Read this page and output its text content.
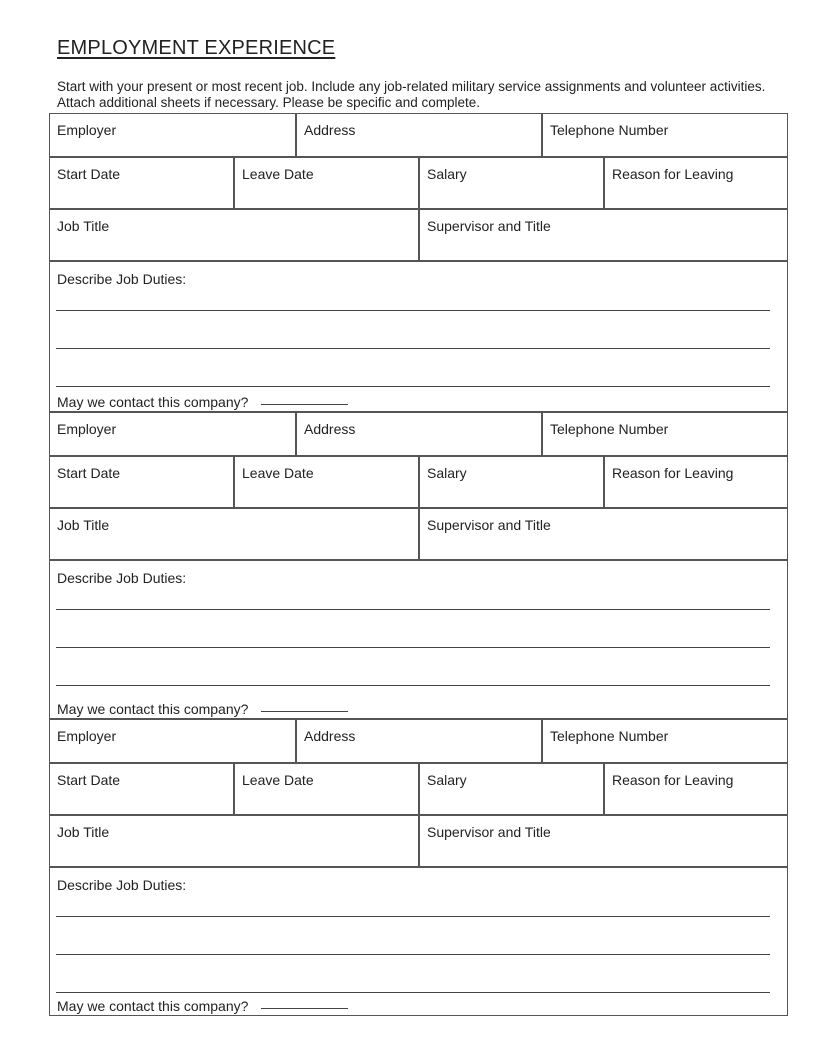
EMPLOYMENT EXPERIENCE
Start with your present or most recent job. Include any job-related military service assignments and volunteer activities. Attach additional sheets if necessary. Please be specific and complete.
Employer	Address	Telephone Number
Start Date	Leave Date	Salary	Reason for Leaving
Job Title	Supervisor and Title
Describe Job Duties:
May we contact this company?
Employer	Address	Telephone Number
Start Date	Leave Date	Salary	Reason for Leaving
Job Title	Supervisor and Title
Describe Job Duties:
May we contact this company?
Employer	Address	Telephone Number
Start Date	Leave Date	Salary	Reason for Leaving
Job Title	Supervisor and Title
Describe Job Duties:
May we contact this company?
